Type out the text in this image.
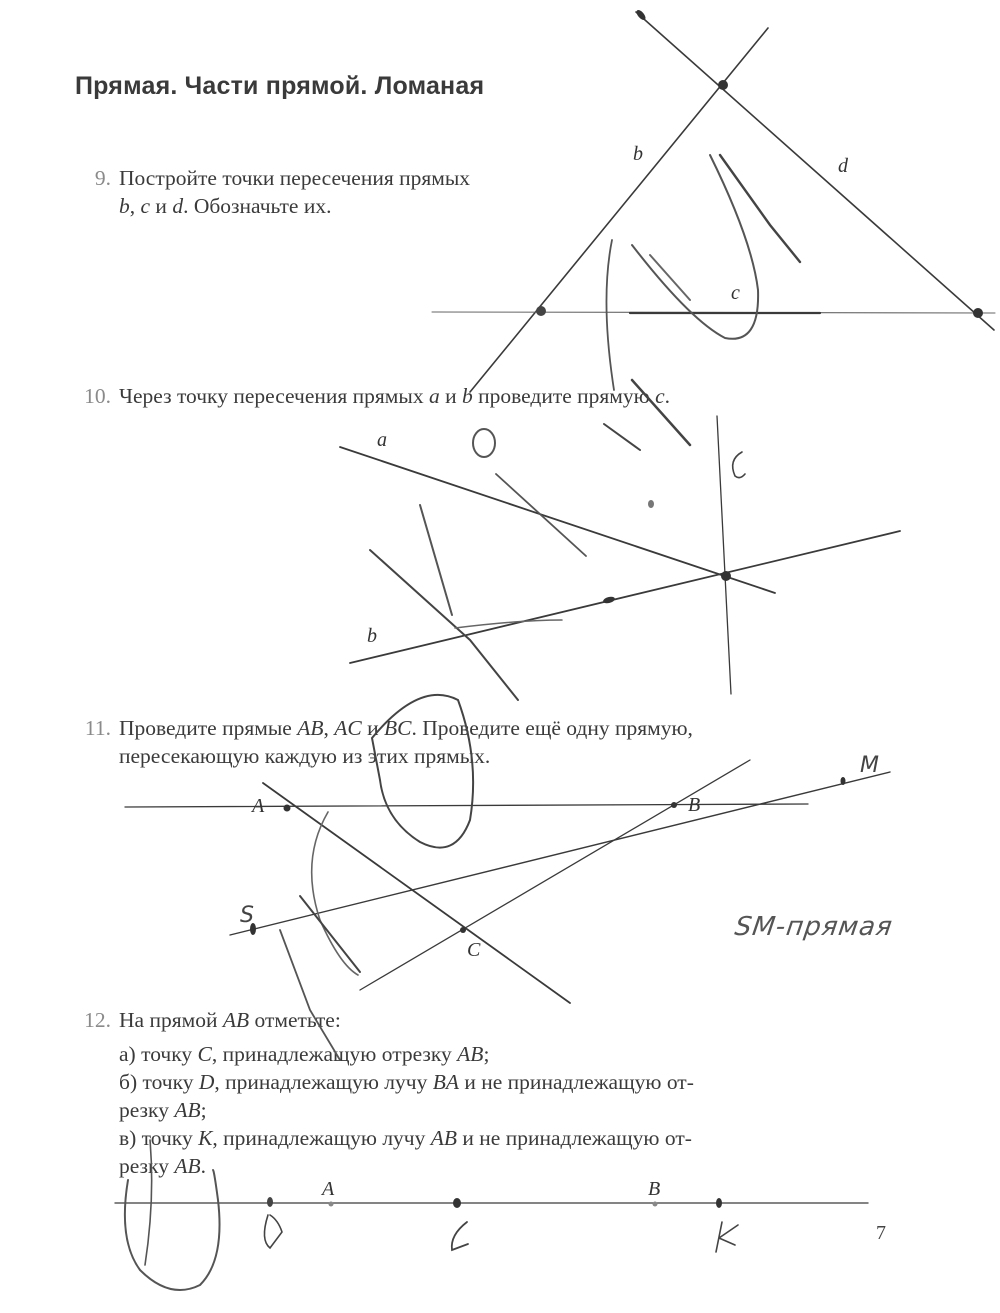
Прямая. Части прямой. Ломаная
9. Постройте точки пересечения прямых
b, c и d. Обозначьте их.
10. Через точку пересечения прямых a и b проведите прямую c.
11. Проведите прямые AB, AC и BC. Проведите ещё одну прямую,
пересекающую каждую из этих прямых.
12. На прямой AB отметьте:
а) точку C, принадлежащую отрезку AB;
б) точку D, принадлежащую лучу BA и не принадлежащую от-
резку AB;
в) точку K, принадлежащую лучу AB и не принадлежащую от-
резку AB.
b
d
c
a
b
A	B
C
S
M
A	B
SM-прямая
7
